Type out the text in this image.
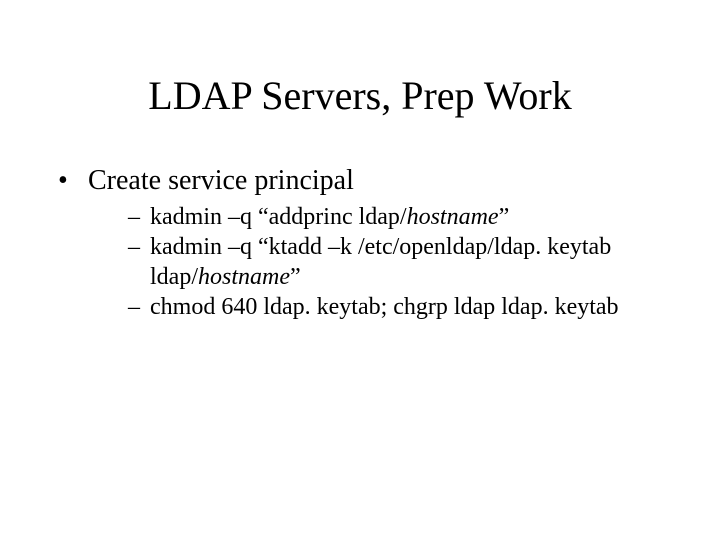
LDAP Servers, Prep Work
• Create service principal
– kadmin –q “addprinc ldap/hostname”
– kadmin –q “ktadd –k /etc/openldap/ldap. keytab
ldap/hostname”
– chmod 640 ldap. keytab; chgrp ldap ldap. keytab
